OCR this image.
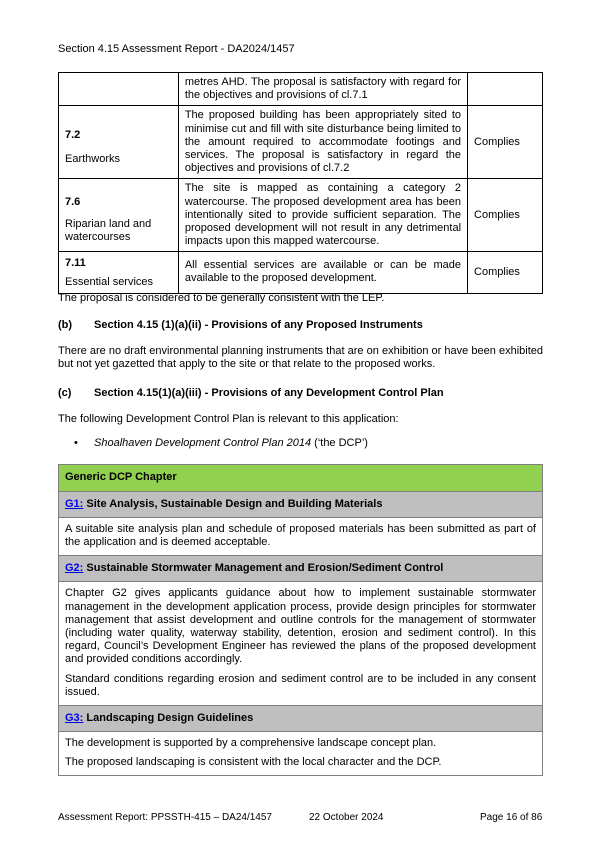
Section 4.15 Assessment Report - DA2024/1457
	metres AHD. The proposal is satisfactory with regard for the objectives and provisions of cl.7.1	

7.2
Earthworks	The proposed building has been appropriately sited to minimise cut and fill with site disturbance being limited to the amount required to accommodate footings and services. The proposal is satisfactory in regard the objectives and provisions of cl.7.2	Complies

7.6
Riparian land and watercourses	The site is mapped as containing a category 2 watercourse. The proposed development area has been intentionally sited to provide sufficient separation. The proposed development will not result in any detrimental impacts upon this mapped watercourse.	Complies

7.11
Essential services	All essential services are available or can be made available to the proposed development.	Complies
The proposal is considered to be generally consistent with the LEP.
(b) Section 4.15 (1)(a)(ii) - Provisions of any Proposed Instruments
There are no draft environmental planning instruments that are on exhibition or have been exhibited but not yet gazetted that apply to the site or that relate to the proposed works.
(c) Section 4.15(1)(a)(iii) - Provisions of any Development Control Plan
The following Development Control Plan is relevant to this application:
• Shoalhaven Development Control Plan 2014 (‘the DCP’)
Generic DCP Chapter
G1: Site Analysis, Sustainable Design and Building Materials

A suitable site analysis plan and schedule of proposed materials has been submitted as part of the application and is deemed acceptable.

G2: Sustainable Stormwater Management and Erosion/Sediment Control

Chapter G2 gives applicants guidance about how to implement sustainable stormwater management in the development application process, provide design principles for stormwater management that assist development and outline controls for the management of stormwater (including water quality, waterway stability, detention, erosion and sediment control). In this regard, Council’s Development Engineer has reviewed the plans of the proposed development and provided conditions accordingly.

Standard conditions regarding erosion and sediment control are to be included in any consent issued.

G3: Landscaping Design Guidelines

The development is supported by a comprehensive landscape concept plan.

The proposed landscaping is consistent with the local character and the DCP.

Assessment Report: PPSSTH-415 – DA24/1457	22 October 2024	Page 16 of 86
